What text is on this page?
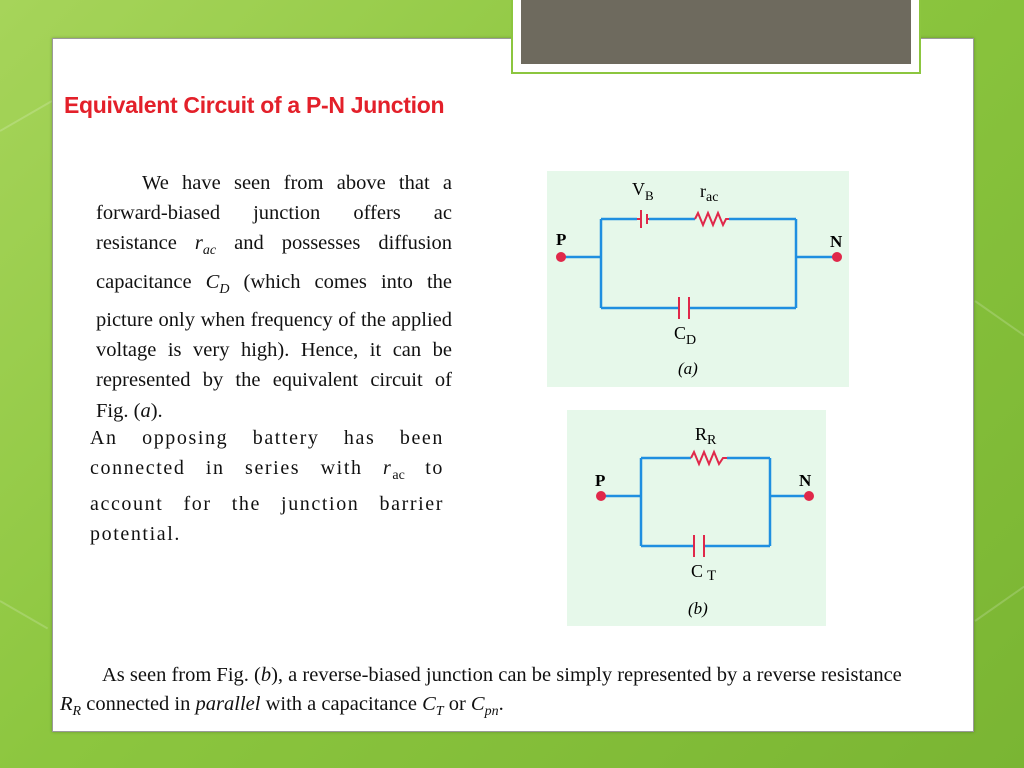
Equivalent Circuit of a P-N Junction

We have seen from above that a forward-biased junction offers ac resistance $r_{ac}$ and possesses diffusion capacitance $C_D$ (which comes into the picture only when frequency of the applied voltage is very high). Hence, it can be represented by the equivalent circuit of Fig. (a).

An opposing battery has been connected in series with $r_{ac}$ to account for the junction barrier potential.

As seen from Fig. (b), a reverse-biased junction can be simply represented by a reverse resistance
$R_R$ connected in parallel with a capacitance $C_T$ or $C_{pn}$.

$V_B$	$r_{ac}$
P	N
$C_D$
(a)
$R_R$
P	N
C T
(b)
